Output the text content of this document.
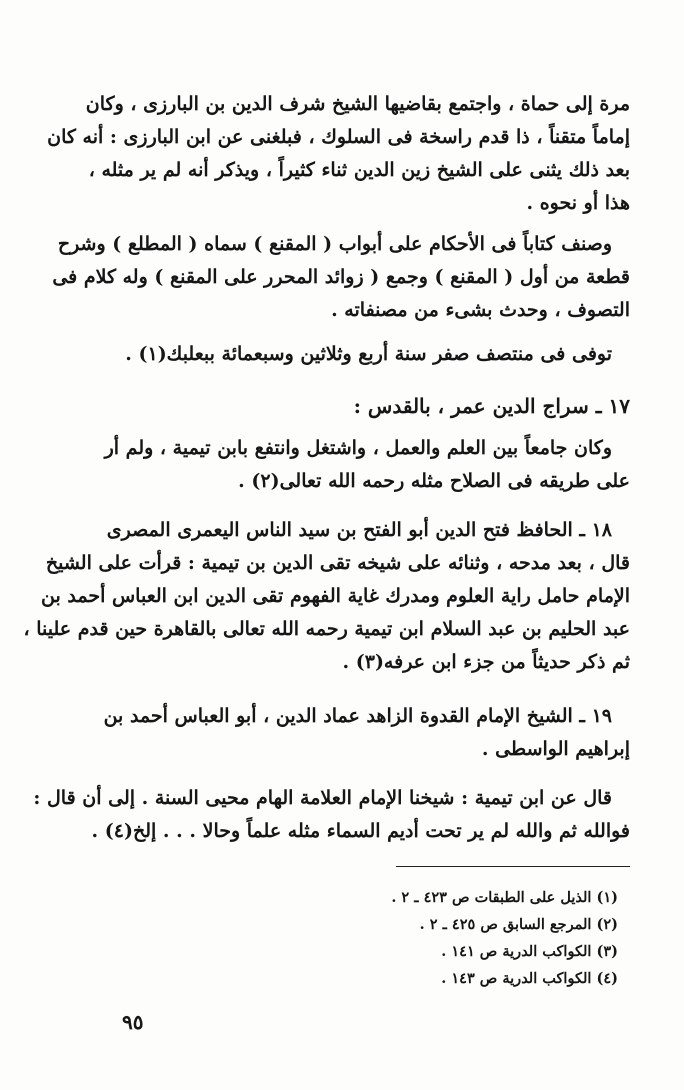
مرة إلى حماة ، واجتمع بقاضيها الشيخ شرف الدين بن البارزى ، وكان
إماماً متقناً ، ذا قدم راسخة فى السلوك ، فبلغنى عن ابن البارزى : أنه كان
بعد ذلك يثنى على الشيخ زين الدين ثناء كثيراً ، ويذكر أنه لم ير مثله ،
هذا أو نحوه .
وصنف كتاباً فى الأحكام على أبواب ( المقنع ) سماه ( المطلع ) وشرح
قطعة من أول ( المقنع ) وجمع ( زوائد المحرر على المقنع ) وله كلام فى
التصوف ، وحدث بشىء من مصنفاته .
توفى فى منتصف صفر سنة أربع وثلاثين وسبعمائة ببعلبك(١) .
١٧ ـ سراج الدين عمر ، بالقدس :
وكان جامعاً بين العلم والعمل ، واشتغل وانتفع بابن تيمية ، ولم أر
على طريقه فى الصلاح مثله رحمه الله تعالى(٢) .
١٨ ـ الحافظ فتح الدين أبو الفتح بن سيد الناس اليعمرى المصرى
قال ، بعد مدحه ، وثنائه على شيخه تقى الدين بن تيمية : قرأت على الشيخ
الإمام حامل راية العلوم ومدرك غاية الفهوم تقى الدين ابن العباس أحمد بن
عبد الحليم بن عبد السلام ابن تيمية رحمه الله تعالى بالقاهرة حين قدم علينا ،
ثم ذكر حديثاً من جزء ابن عرفه(٣) .
١٩ ـ الشيخ الإمام القدوة الزاهد عماد الدين ، أبو العباس أحمد بن
إبراهيم الواسطى .
قال عن ابن تيمية : شيخنا الإمام العلامة الهام محيى السنة . إلى أن قال :
فوالله ثم والله لم ير تحت أديم السماء مثله علماً وحالا . . . إلخ(٤) .
(١) الذيل على الطبقات ص ٤٢٣ ـ ٢ .
(٢) المرجع السابق ص ٤٢٥ ـ ٢ .
(٣) الكواكب الدرية ص ١٤١ .
(٤) الكواكب الدرية ص ١٤٣ .
٩٥
